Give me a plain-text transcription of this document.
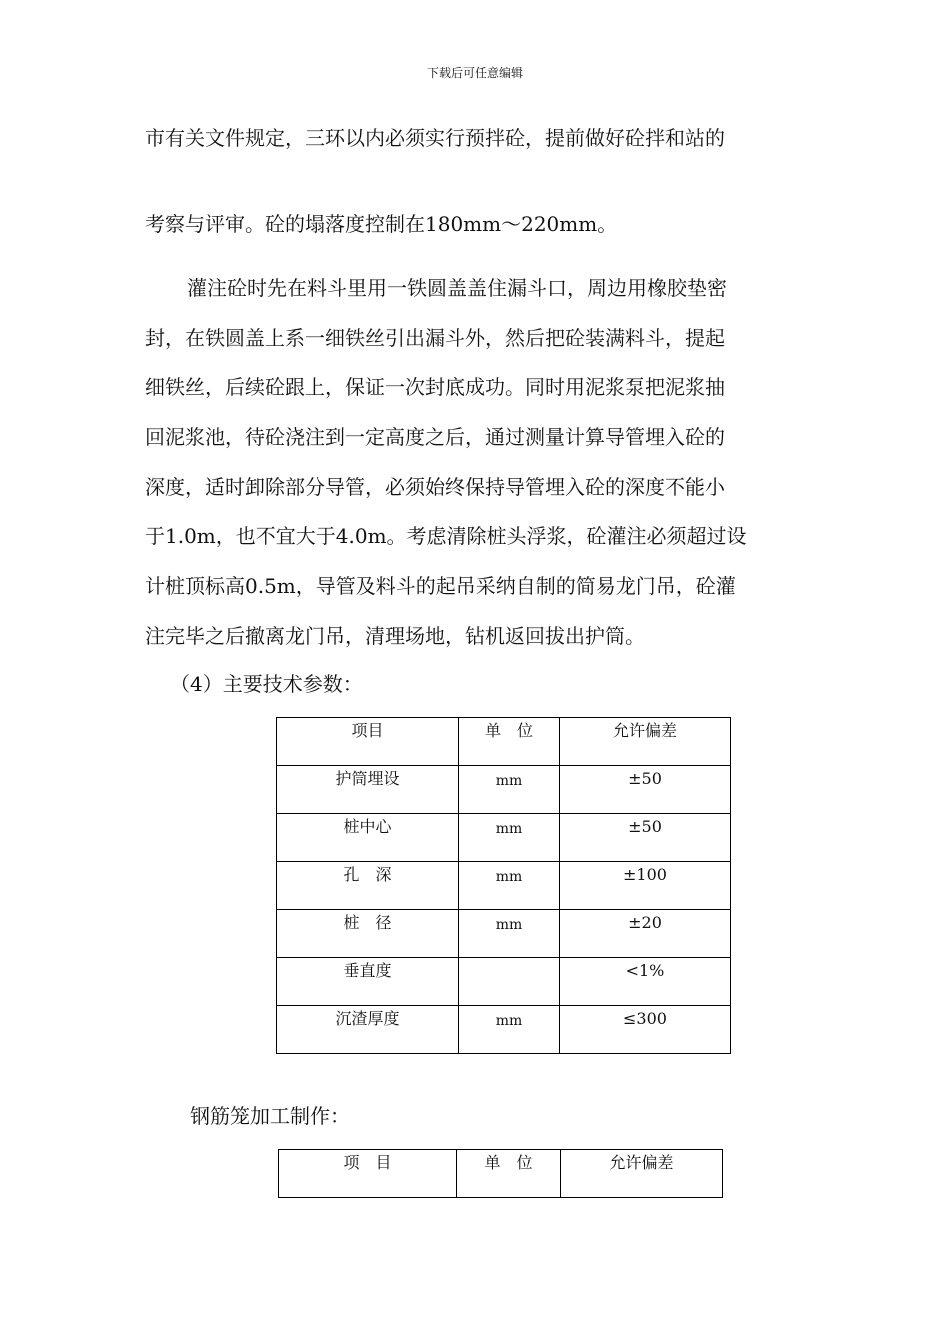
下载后可任意编辑
市有关文件规定，三环以内必须实行预拌砼，提前做好砼拌和站的
考察与评审。砼的塌落度控制在180mm～220mm。
灌注砼时先在料斗里用一铁圆盖盖住漏斗口，周边用橡胶垫密
封，在铁圆盖上系一细铁丝引出漏斗外，然后把砼装满料斗，提起
细铁丝，后续砼跟上，保证一次封底成功。同时用泥浆泵把泥浆抽
回泥浆池，待砼浇注到一定高度之后，通过测量计算导管埋入砼的
深度，适时卸除部分导管，必须始终保持导管埋入砼的深度不能小
于1.0m，也不宜大于4.0m。考虑清除桩头浮浆，砼灌注必须超过设
计桩顶标高0.5m，导管及料斗的起吊采纳自制的简易龙门吊，砼灌
注完毕之后撤离龙门吊，清理场地，钻机返回拔出护筒。
（4）主要技术参数：
项目	单　位	允许偏差

护筒埋设	mm	±50

桩中心	mm	±50

孔　深	mm	±100

桩　径	mm	±20

垂直度		<1%

沉渣厚度	mm	≤300
钢筋笼加工制作：
项　目	单　位	允许偏差
